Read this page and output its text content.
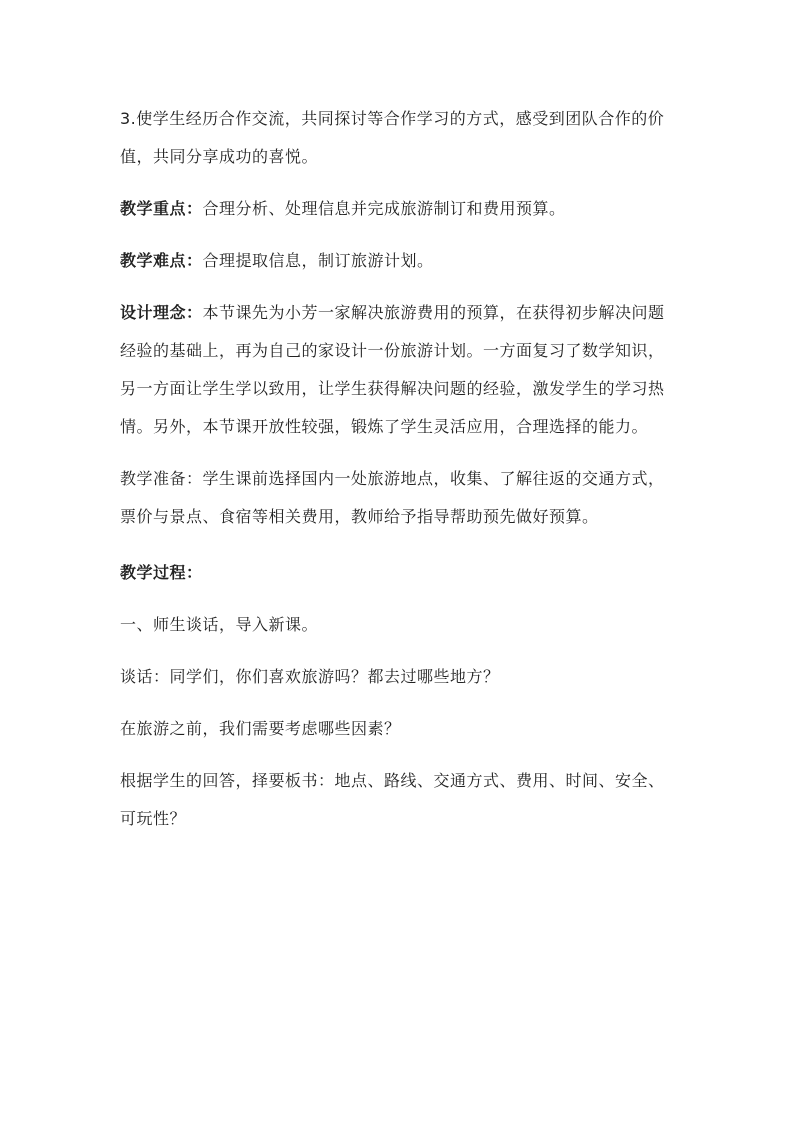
3.使学生经历合作交流，共同探讨等合作学习的方式，感受到团队合作的价值，共同分享成功的喜悦。

教学重点：合理分析、处理信息并完成旅游制订和费用预算。

教学难点：合理提取信息，制订旅游计划。

设计理念：本节课先为小芳一家解决旅游费用的预算，在获得初步解决问题经验的基础上，再为自己的家设计一份旅游计划。一方面复习了数学知识，另一方面让学生学以致用，让学生获得解决问题的经验，激发学生的学习热情。另外，本节课开放性较强，锻炼了学生灵活应用，合理选择的能力。

教学准备：学生课前选择国内一处旅游地点，收集、了解往返的交通方式，票价与景点、食宿等相关费用，教师给予指导帮助预先做好预算。

教学过程：

一、师生谈话，导入新课。

谈话：同学们，你们喜欢旅游吗？都去过哪些地方？

在旅游之前，我们需要考虑哪些因素？

根据学生的回答，择要板书：地点、路线、交通方式、费用、时间、安全、可玩性？
